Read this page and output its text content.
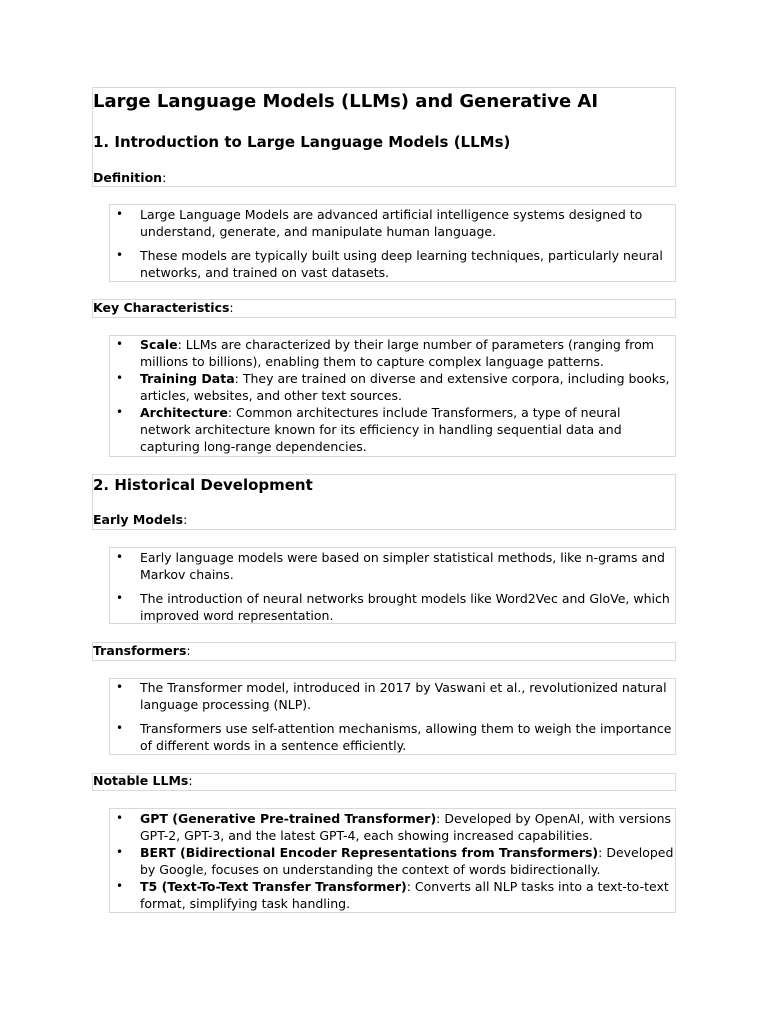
Large Language Models (LLMs) and Generative AI
1. Introduction to Large Language Models (LLMs)
Definition:
• Large Language Models are advanced artificial intelligence systems designed to understand, generate, and manipulate human language.
• These models are typically built using deep learning techniques, particularly neural networks, and trained on vast datasets.
Key Characteristics:
• Scale: LLMs are characterized by their large number of parameters (ranging from millions to billions), enabling them to capture complex language patterns.
• Training Data: They are trained on diverse and extensive corpora, including books, articles, websites, and other text sources.
• Architecture: Common architectures include Transformers, a type of neural network architecture known for its efficiency in handling sequential data and capturing long-range dependencies.
2. Historical Development
Early Models:
• Early language models were based on simpler statistical methods, like n-grams and Markov chains.
• The introduction of neural networks brought models like Word2Vec and GloVe, which improved word representation.
Transformers:
• The Transformer model, introduced in 2017 by Vaswani et al., revolutionized natural language processing (NLP).
• Transformers use self-attention mechanisms, allowing them to weigh the importance of different words in a sentence efficiently.
Notable LLMs:
• GPT (Generative Pre-trained Transformer): Developed by OpenAI, with versions GPT-2, GPT-3, and the latest GPT-4, each showing increased capabilities.
• BERT (Bidirectional Encoder Representations from Transformers): Developed by Google, focuses on understanding the context of words bidirectionally.
• T5 (Text-To-Text Transfer Transformer): Converts all NLP tasks into a text-to-text format, simplifying task handling.
